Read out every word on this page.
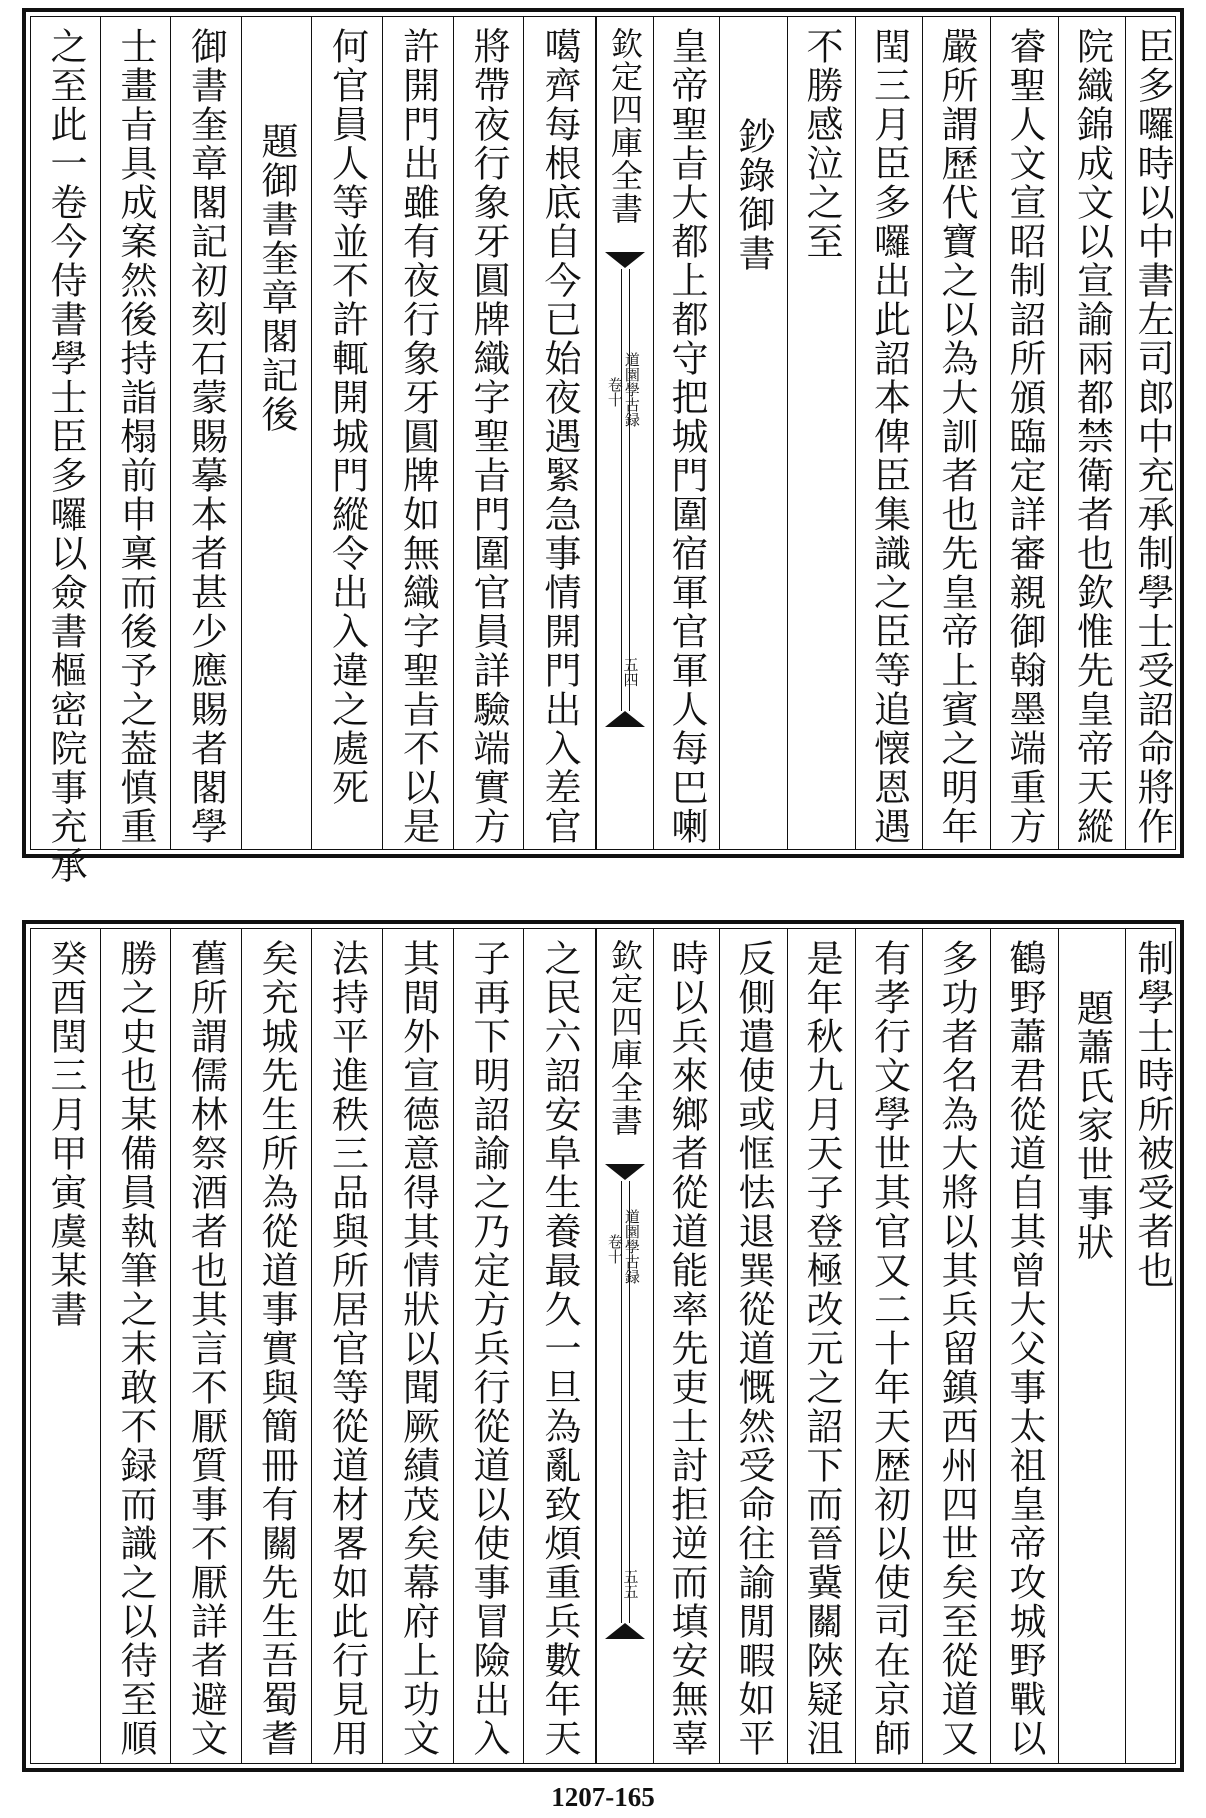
之至此一卷今侍書學士臣多囉以僉書樞密院事充承 士畫㫖具成案然後持詣榻前申稟而後予之葢慎重 御書奎章閣記初刻石蒙賜摹本者甚少應賜者閣學 題御書奎章閣記後 何官員人等並不許輒開城門縱令出入違之處死 許開門出雖有夜行象牙圓牌如無織字聖㫖不以是 將帶夜行象牙圓牌織字聖㫖門圍官員詳驗端實方 噶齊每根底自今已始夜遇緊急事情開門出入差官 欽定四庫全書
道園學古録
卷十
五四 皇帝聖㫖大都上都守把城門圍宿軍官軍人每巴喇 鈔錄御書 不勝感泣之至 閏三月臣多囉出此詔本俾臣集識之臣等追懐恩遇 嚴所謂歷代寶之以為大訓者也先皇帝上賓之明年 睿聖人文宣昭制詔所頒臨定詳審親御翰墨端重方 院織錦成文以宣諭兩都禁衛者也欽惟先皇帝天縱 臣多囉時以中書左司郎中充承制學士受詔命將作
癸酉閏三月甲寅虞某書 勝之史也某備員執筆之末敢不録而識之以待至順 舊所謂儒林祭酒者也其言不厭質事不厭詳者避文 矣充城先生所為從道事實與簡冊有關先生吾蜀耆 法持平進秩三品與所居官等從道材畧如此行見用 其間外宣德意得其情狀以聞厥績茂矣幕府上功文 子再下明詔諭之乃定方兵行從道以使事冒險出入 之民六詔安阜生養最久一旦為亂致煩重兵數年天 欽定四庫全書
道園學古録
卷十
五五 時以兵來鄉者從道能率先吏士討拒逆而填安無辜 反側遣使或恇怯退巽從道慨然受命往諭閒暇如平 是年秋九月天子登極改元之詔下而晉冀關陜疑沮 有孝行文學世其官又二十年天歴初以使司在京師 多功者名為大將以其兵留鎮西州四世矣至從道又 鶴野蕭君從道自其曾大父事太祖皇帝攻城野戰以 題蕭氏家世事狀 制學士時所被受者也
1207-165
